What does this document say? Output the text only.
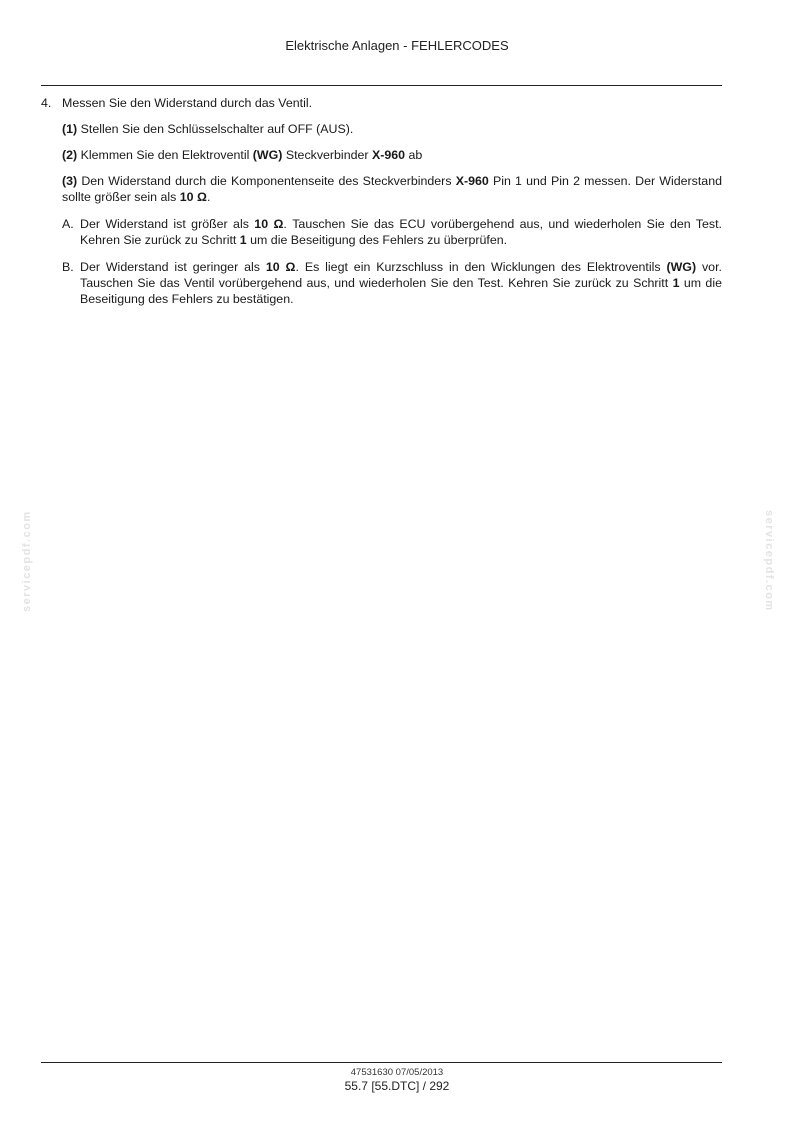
Elektrische Anlagen - FEHLERCODES
4. Messen Sie den Widerstand durch das Ventil.
(1) Stellen Sie den Schlüsselschalter auf OFF (AUS).
(2) Klemmen Sie den Elektroventil (WG) Steckverbinder X-960 ab
(3) Den Widerstand durch die Komponentenseite des Steckverbinders X-960 Pin 1 und Pin 2 messen. Der Widerstand sollte größer sein als 10 Ω.
A. Der Widerstand ist größer als 10 Ω. Tauschen Sie das ECU vorübergehend aus, und wiederholen Sie den Test. Kehren Sie zurück zu Schritt 1 um die Beseitigung des Fehlers zu überprüfen.
B. Der Widerstand ist geringer als 10 Ω. Es liegt ein Kurzschluss in den Wicklungen des Elektroventils (WG) vor. Tauschen Sie das Ventil vorübergehend aus, und wiederholen Sie den Test. Kehren Sie zurück zu Schritt 1 um die Beseitigung des Fehlers zu bestätigen.
servicepdf.com	servicepdf.com
47531630 07/05/2013
55.7 [55.DTC] / 292
